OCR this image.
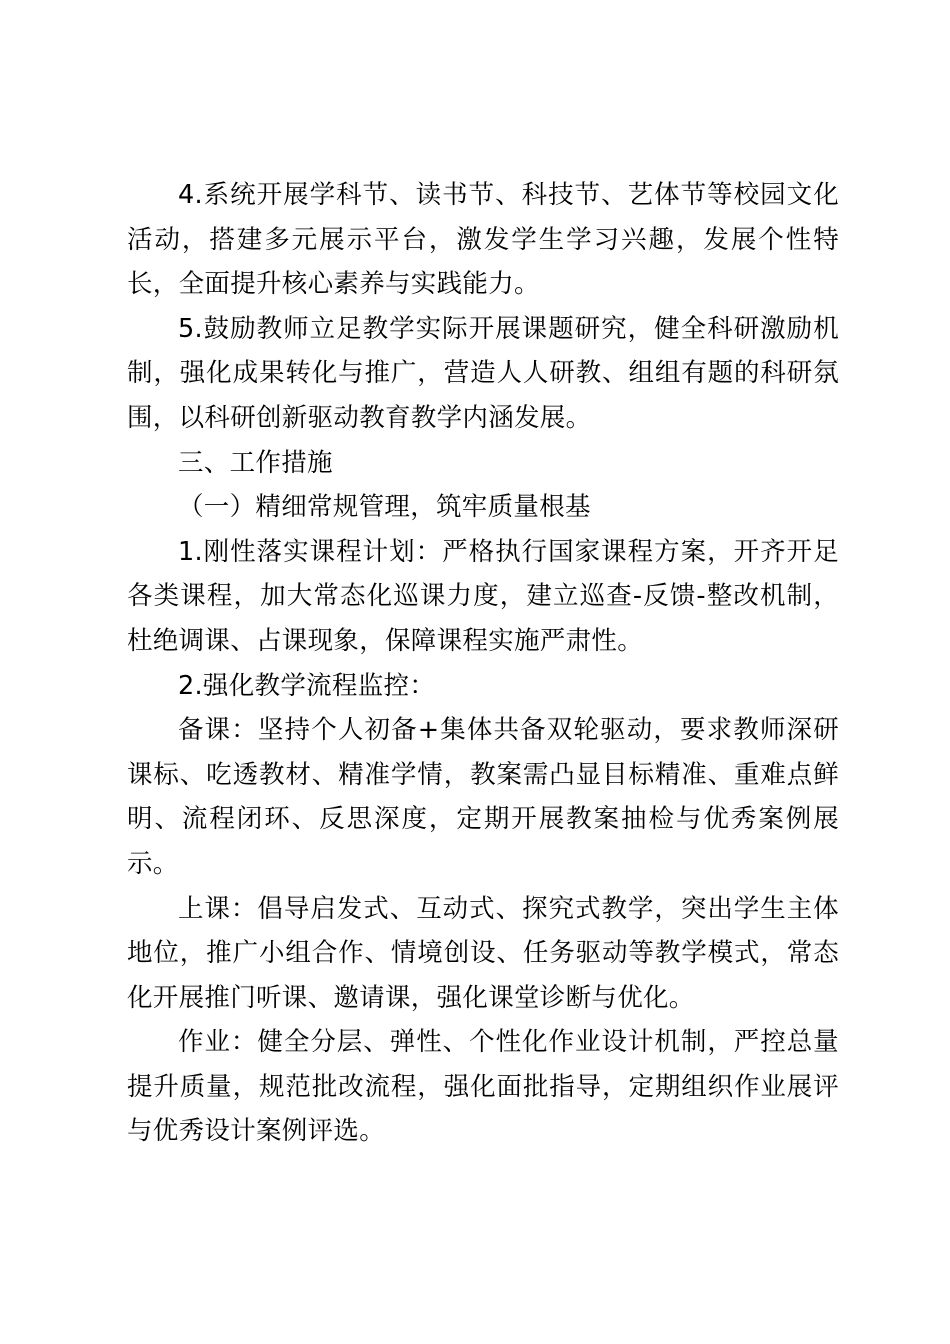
4.系统开展学科节、读书节、科技节、艺体节等校园文化活动，搭建多元展示平台，激发学生学习兴趣，发展个性特长，全面提升核心素养与实践能力。

5.鼓励教师立足教学实际开展课题研究，健全科研激励机制，强化成果转化与推广，营造人人研教、组组有题的科研氛围，以科研创新驱动教育教学内涵发展。

三、工作措施

（一）精细常规管理，筑牢质量根基

1.刚性落实课程计划：严格执行国家课程方案，开齐开足各类课程，加大常态化巡课力度，建立巡查-反馈-整改机制，杜绝调课、占课现象，保障课程实施严肃性。

2.强化教学流程监控：

备课：坚持个人初备+集体共备双轮驱动，要求教师深研课标、吃透教材、精准学情，教案需凸显目标精准、重难点鲜明、流程闭环、反思深度，定期开展教案抽检与优秀案例展示。

上课：倡导启发式、互动式、探究式教学，突出学生主体地位，推广小组合作、情境创设、任务驱动等教学模式，常态化开展推门听课、邀请课，强化课堂诊断与优化。

作业：健全分层、弹性、个性化作业设计机制，严控总量提升质量，规范批改流程，强化面批指导，定期组织作业展评与优秀设计案例评选。
